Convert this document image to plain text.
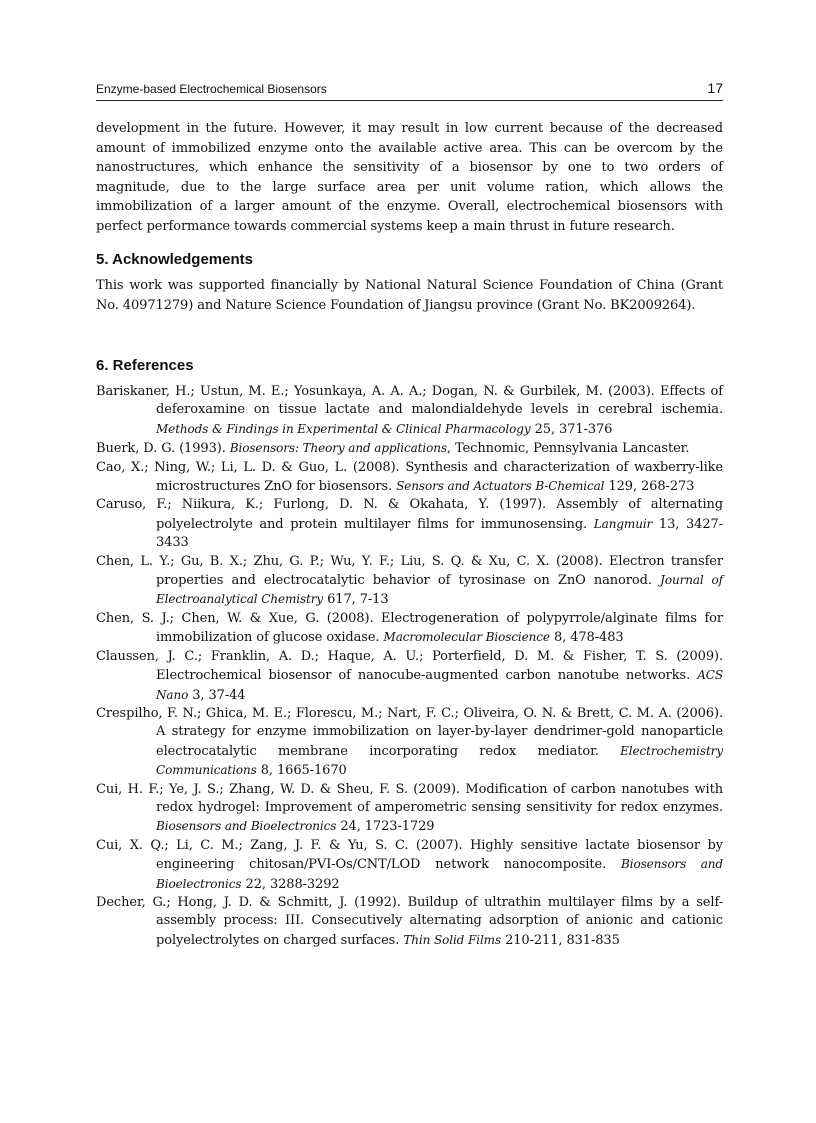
Enzyme-based Electrochemical Biosensors	17

development in the future. However, it may result in low current because of the decreased amount of immobilized enzyme onto the available active area. This can be overcom by the nanostructures, which enhance the sensitivity of a biosensor by one to two orders of magnitude, due to the large surface area per unit volume ration, which allows the immobilization of a larger amount of the enzyme. Overall, electrochemical biosensors with perfect performance towards commercial systems keep a main thrust in future research.

5. Acknowledgements

This work was supported financially by National Natural Science Foundation of China (Grant No. 40971279) and Nature Science Foundation of Jiangsu province (Grant No. BK2009264).

6. References
Bariskaner, H.; Ustun, M. E.; Yosunkaya, A. A. A.; Dogan, N. & Gurbilek, M. (2003). Effects of deferoxamine on tissue lactate and malondialdehyde levels in cerebral ischemia. Methods & Findings in Experimental & Clinical Pharmacology 25, 371-376
Buerk, D. G. (1993). Biosensors: Theory and applications, Technomic, Pennsylvania Lancaster.
Cao, X.; Ning, W.; Li, L. D. & Guo, L. (2008). Synthesis and characterization of waxberry-like microstructures ZnO for biosensors. Sensors and Actuators B-Chemical 129, 268-273
Caruso, F.; Niikura, K.; Furlong, D. N. & Okahata, Y. (1997). Assembly of alternating polyelectrolyte and protein multilayer films for immunosensing. Langmuir 13, 3427-3433
Chen, L. Y.; Gu, B. X.; Zhu, G. P.; Wu, Y. F.; Liu, S. Q. & Xu, C. X. (2008). Electron transfer properties and electrocatalytic behavior of tyrosinase on ZnO nanorod. Journal of Electroanalytical Chemistry 617, 7-13
Chen, S. J.; Chen, W. & Xue, G. (2008). Electrogeneration of polypyrrole/alginate films for immobilization of glucose oxidase. Macromolecular Bioscience 8, 478-483
Claussen, J. C.; Franklin, A. D.; Haque, A. U.; Porterfield, D. M. & Fisher, T. S. (2009). Electrochemical biosensor of nanocube-augmented carbon nanotube networks. ACS Nano 3, 37-44
Crespilho, F. N.; Ghica, M. E.; Florescu, M.; Nart, F. C.; Oliveira, O. N. & Brett, C. M. A. (2006). A strategy for enzyme immobilization on layer-by-layer dendrimer-gold nanoparticle electrocatalytic membrane incorporating redox mediator. Electrochemistry Communications 8, 1665-1670
Cui, H. F.; Ye, J. S.; Zhang, W. D. & Sheu, F. S. (2009). Modification of carbon nanotubes with redox hydrogel: Improvement of amperometric sensing sensitivity for redox enzymes. Biosensors and Bioelectronics 24, 1723-1729
Cui, X. Q.; Li, C. M.; Zang, J. F. & Yu, S. C. (2007). Highly sensitive lactate biosensor by engineering chitosan/PVI-Os/CNT/LOD network nanocomposite. Biosensors and Bioelectronics 22, 3288-3292
Decher, G.; Hong, J. D. & Schmitt, J. (1992). Buildup of ultrathin multilayer films by a self-assembly process: III. Consecutively alternating adsorption of anionic and cationic polyelectrolytes on charged surfaces. Thin Solid Films 210-211, 831-835
